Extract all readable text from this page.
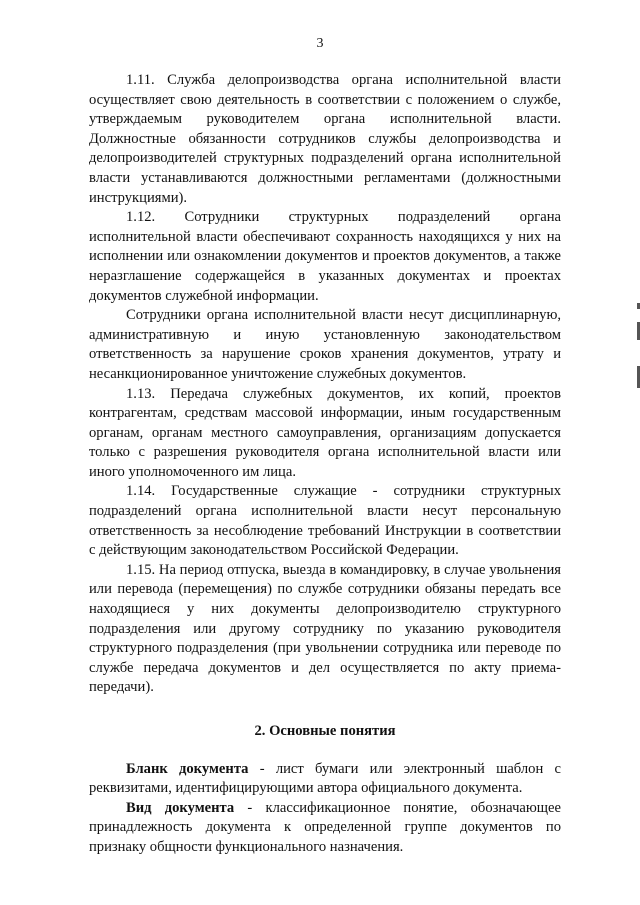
3

1.11. Служба делопроизводства органа исполнительной власти осуществляет свою деятельность в соответствии с положением о службе, утверждаемым руководителем органа исполнительной власти. Должностные обязанности сотрудников службы делопроизводства и делопроизводителей структурных подразделений органа исполнительной власти устанавливаются должностными регламентами (должностными инструкциями).

1.12. Сотрудники структурных подразделений органа исполнительной власти обеспечивают сохранность находящихся у них на исполнении или ознакомлении документов и проектов документов, а также неразглашение содержащейся в указанных документах и проектах документов служебной информации.

Сотрудники органа исполнительной власти несут дисциплинарную, административную и иную установленную законодательством ответственность за нарушение сроков хранения документов, утрату и несанкционированное уничтожение служебных документов.

1.13. Передача служебных документов, их копий, проектов контрагентам, средствам массовой информации, иным государственным органам, органам местного самоуправления, организациям допускается только с разрешения руководителя органа исполнительной власти или иного уполномоченного им лица.

1.14. Государственные служащие - сотрудники структурных подразделений органа исполнительной власти несут персональную ответственность за несоблюдение требований Инструкции в соответствии с действующим законодательством Российской Федерации.

1.15. На период отпуска, выезда в командировку, в случае увольнения или перевода (перемещения) по службе сотрудники обязаны передать все находящиеся у них документы делопроизводителю структурного подразделения или другому сотруднику по указанию руководителя структурного подразделения (при увольнении сотрудника или переводе по службе передача документов и дел осуществляется по акту приема-передачи).

2. Основные понятия

Бланк документа - лист бумаги или электронный шаблон с реквизитами, идентифицирующими автора официального документа.

Вид документа - классификационное понятие, обозначающее принадлежность документа к определенной группе документов по признаку общности функционального назначения.
